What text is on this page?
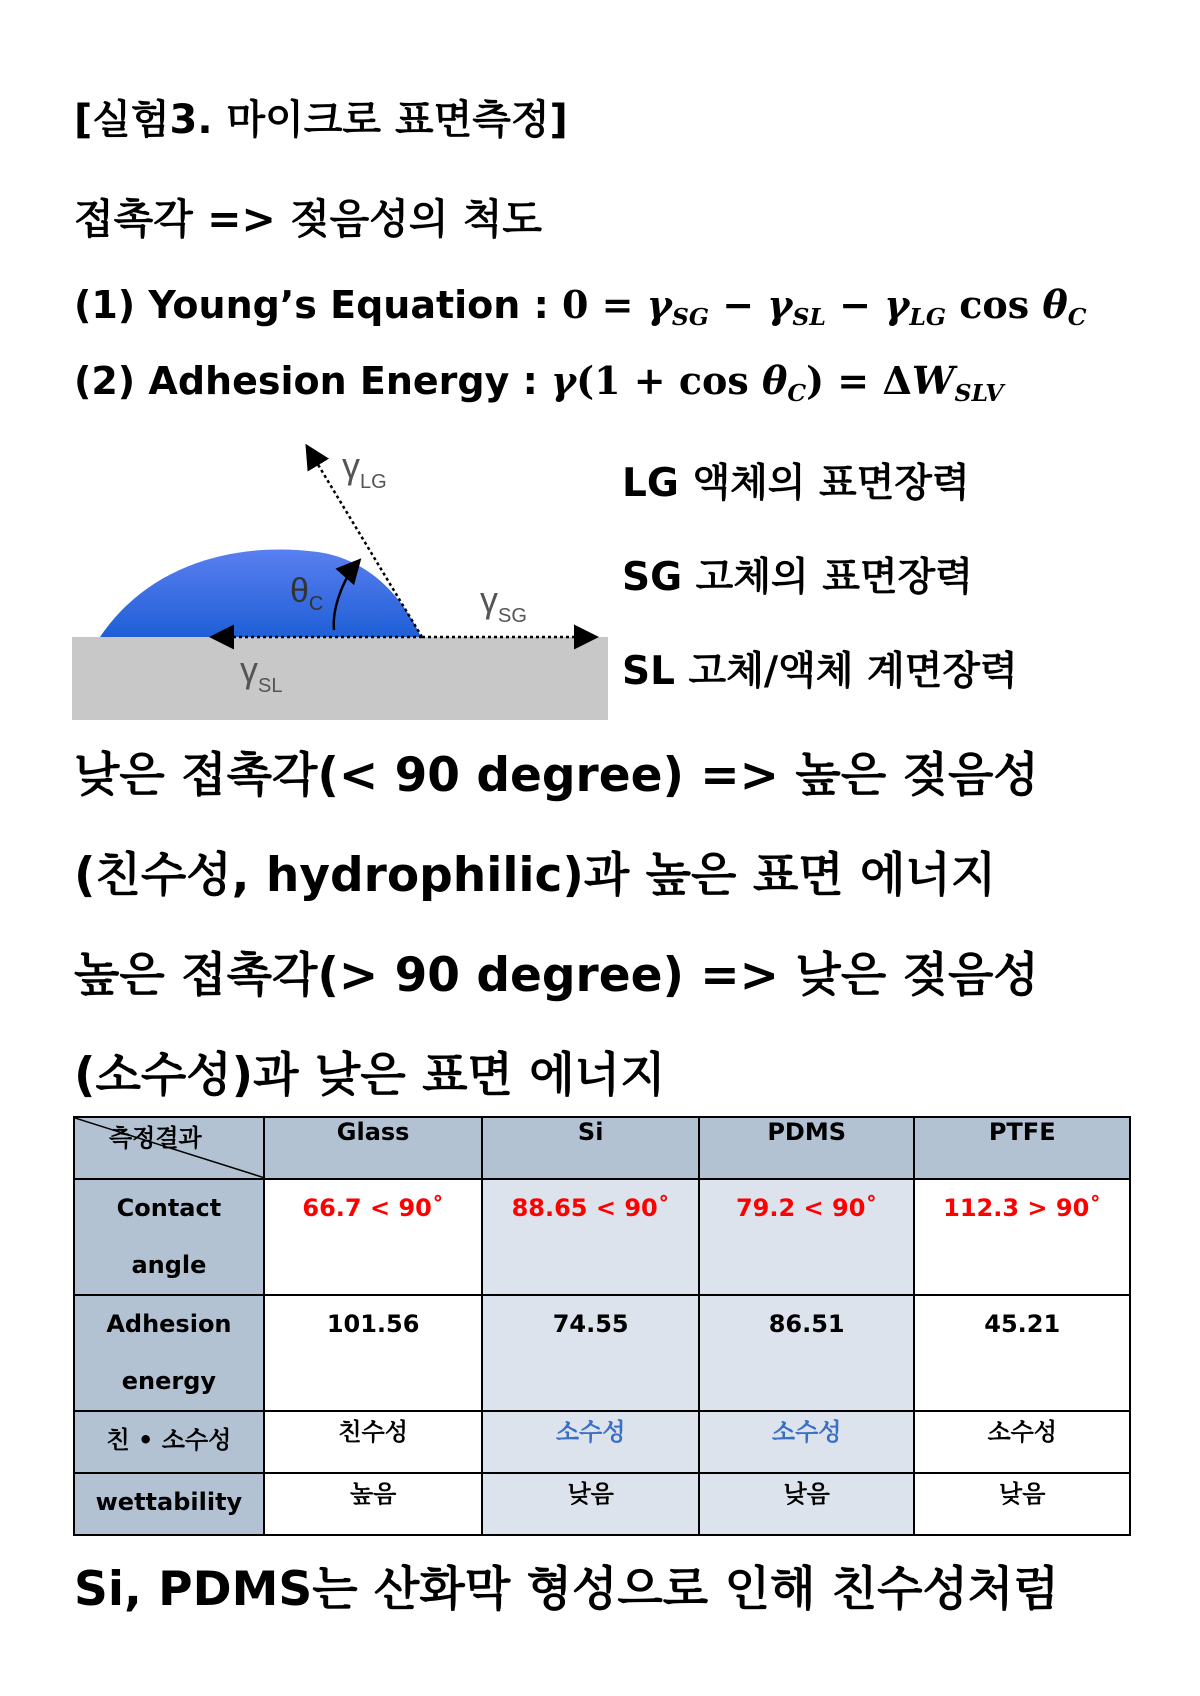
[실험3. 마이크로 표면측정]
접촉각 => 젖음성의 척도
(1) Young’s Equation : $0 = \gamma_{SG} - \gamma_{SL} - \gamma_{LG}$ $\cos \theta_C$
(2) Adhesion Energy : $\gamma(1 + \cos \theta_C) = \Delta W_{SLV}$
$\gamma_{LG}$
$\theta_C$	$\gamma_{SG}$
$\gamma_{SL}$
LG 액체의 표면장력
SG 고체의 표면장력
SL 고체/액체 계면장력
낮은 접촉각(< 90 degree) => 높은 젖음성
(친수성, hydrophilic)과 높은 표면 에너지
높은 접촉각(> 90 degree) => 낮은 젖음성
(소수성)과 낮은 표면 에너지
측정결과	Glass	Si	PDMS	PTFE

Contact
angle	66.7 < 90˚	88.65 < 90˚	79.2 < 90˚	112.3 > 90˚

Adhesion
energy	101.56	74.55	86.51	45.21

친 • 소수성	친수성	소수성	소수성	소수성
wettability	높음	낮음	낮음	낮음
Si, PDMS는 산화막 형성으로 인해 친수성처럼
